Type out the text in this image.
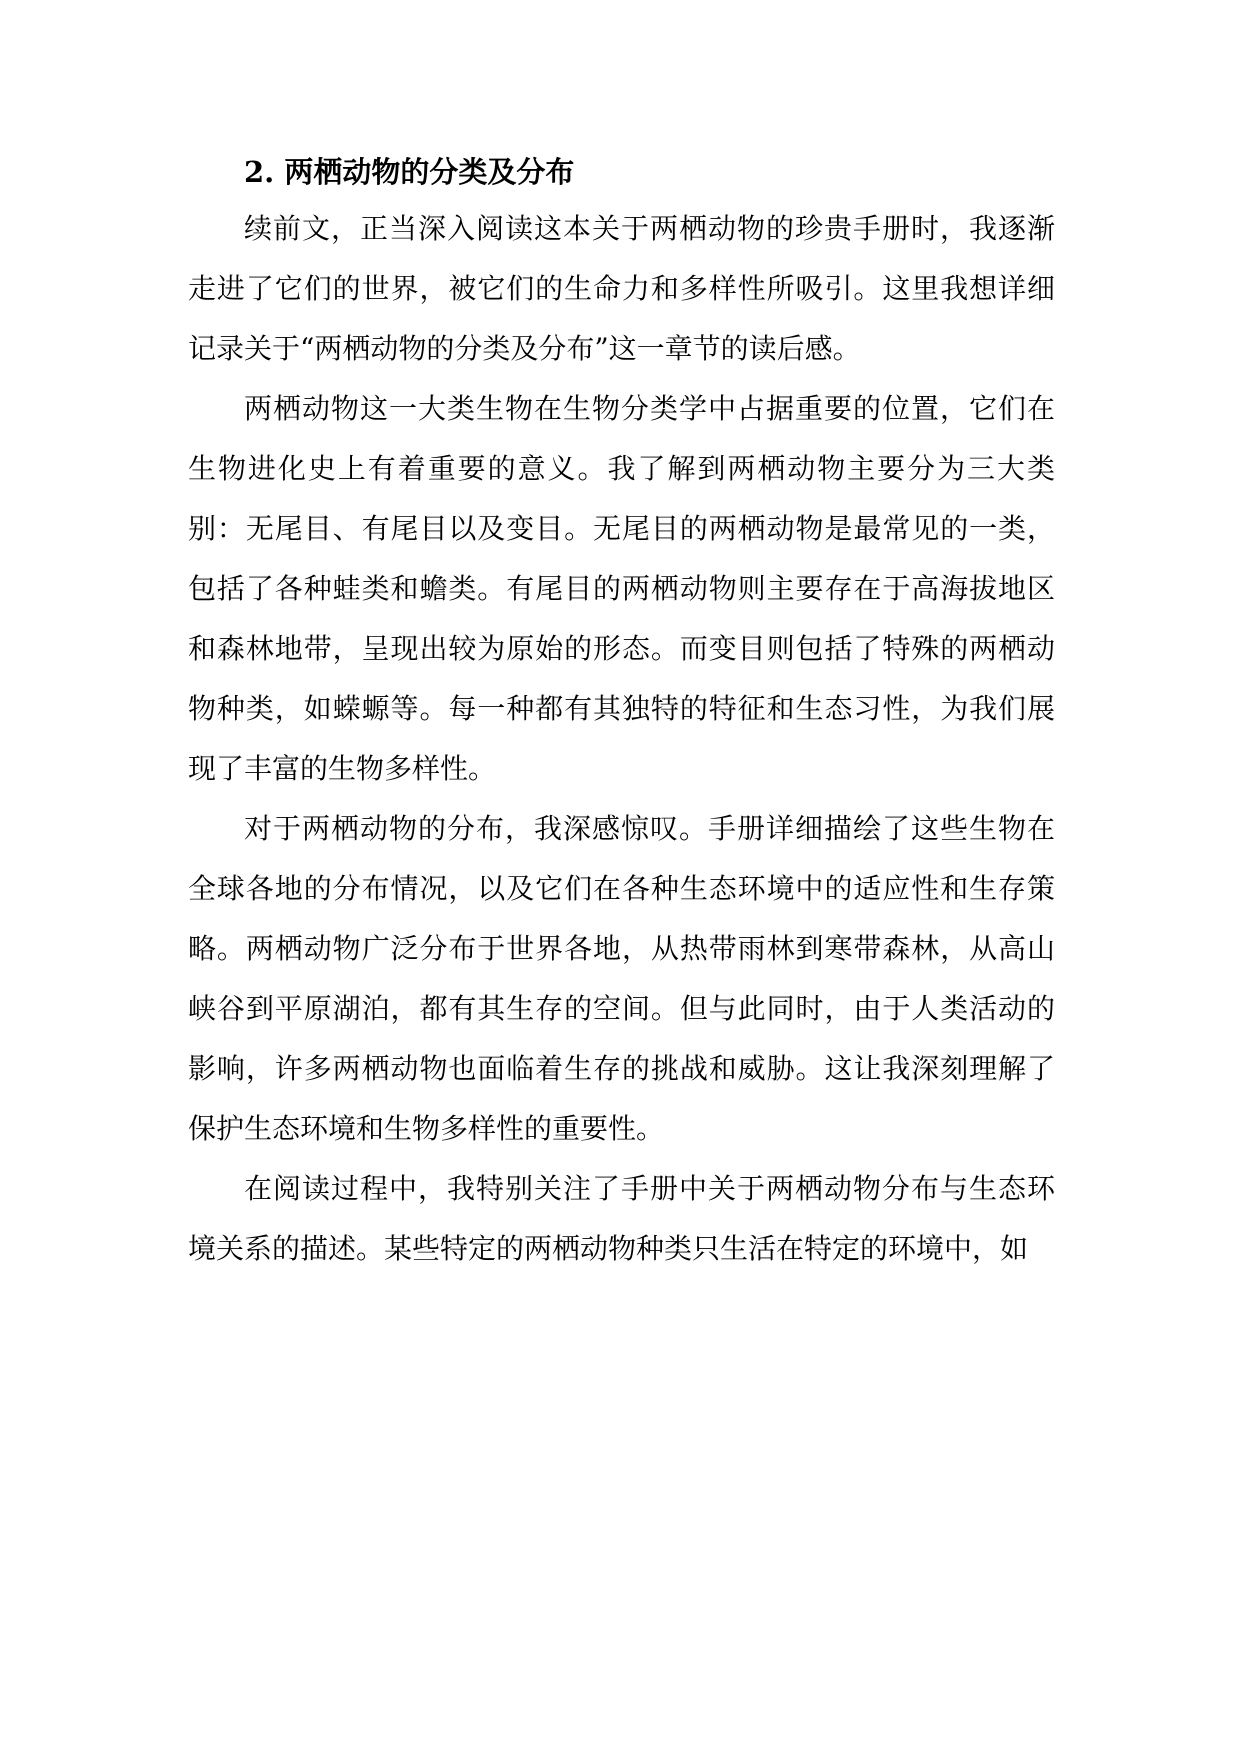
2. 两栖动物的分类及分布

续前文，正当深入阅读这本关于两栖动物的珍贵手册时，我逐渐走进了它们的世界，被它们的生命力和多样性所吸引。这里我想详细记录关于“两栖动物的分类及分布”这一章节的读后感。

两栖动物这一大类生物在生物分类学中占据重要的位置，它们在生物进化史上有着重要的意义。我了解到两栖动物主要分为三大类别：无尾目、有尾目以及变目。无尾目的两栖动物是最常见的一类，包括了各种蛙类和蟾类。有尾目的两栖动物则主要存在于高海拔地区和森林地带，呈现出较为原始的形态。而变目则包括了特殊的两栖动物种类，如蝾螈等。每一种都有其独特的特征和生态习性，为我们展现了丰富的生物多样性。

对于两栖动物的分布，我深感惊叹。手册详细描绘了这些生物在全球各地的分布情况，以及它们在各种生态环境中的适应性和生存策略。两栖动物广泛分布于世界各地，从热带雨林到寒带森林，从高山峡谷到平原湖泊，都有其生存的空间。但与此同时，由于人类活动的影响，许多两栖动物也面临着生存的挑战和威胁。这让我深刻理解了保护生态环境和生物多样性的重要性。

在阅读过程中，我特别关注了手册中关于两栖动物分布与生态环境关系的描述。某些特定的两栖动物种类只生活在特定的环境中，如
